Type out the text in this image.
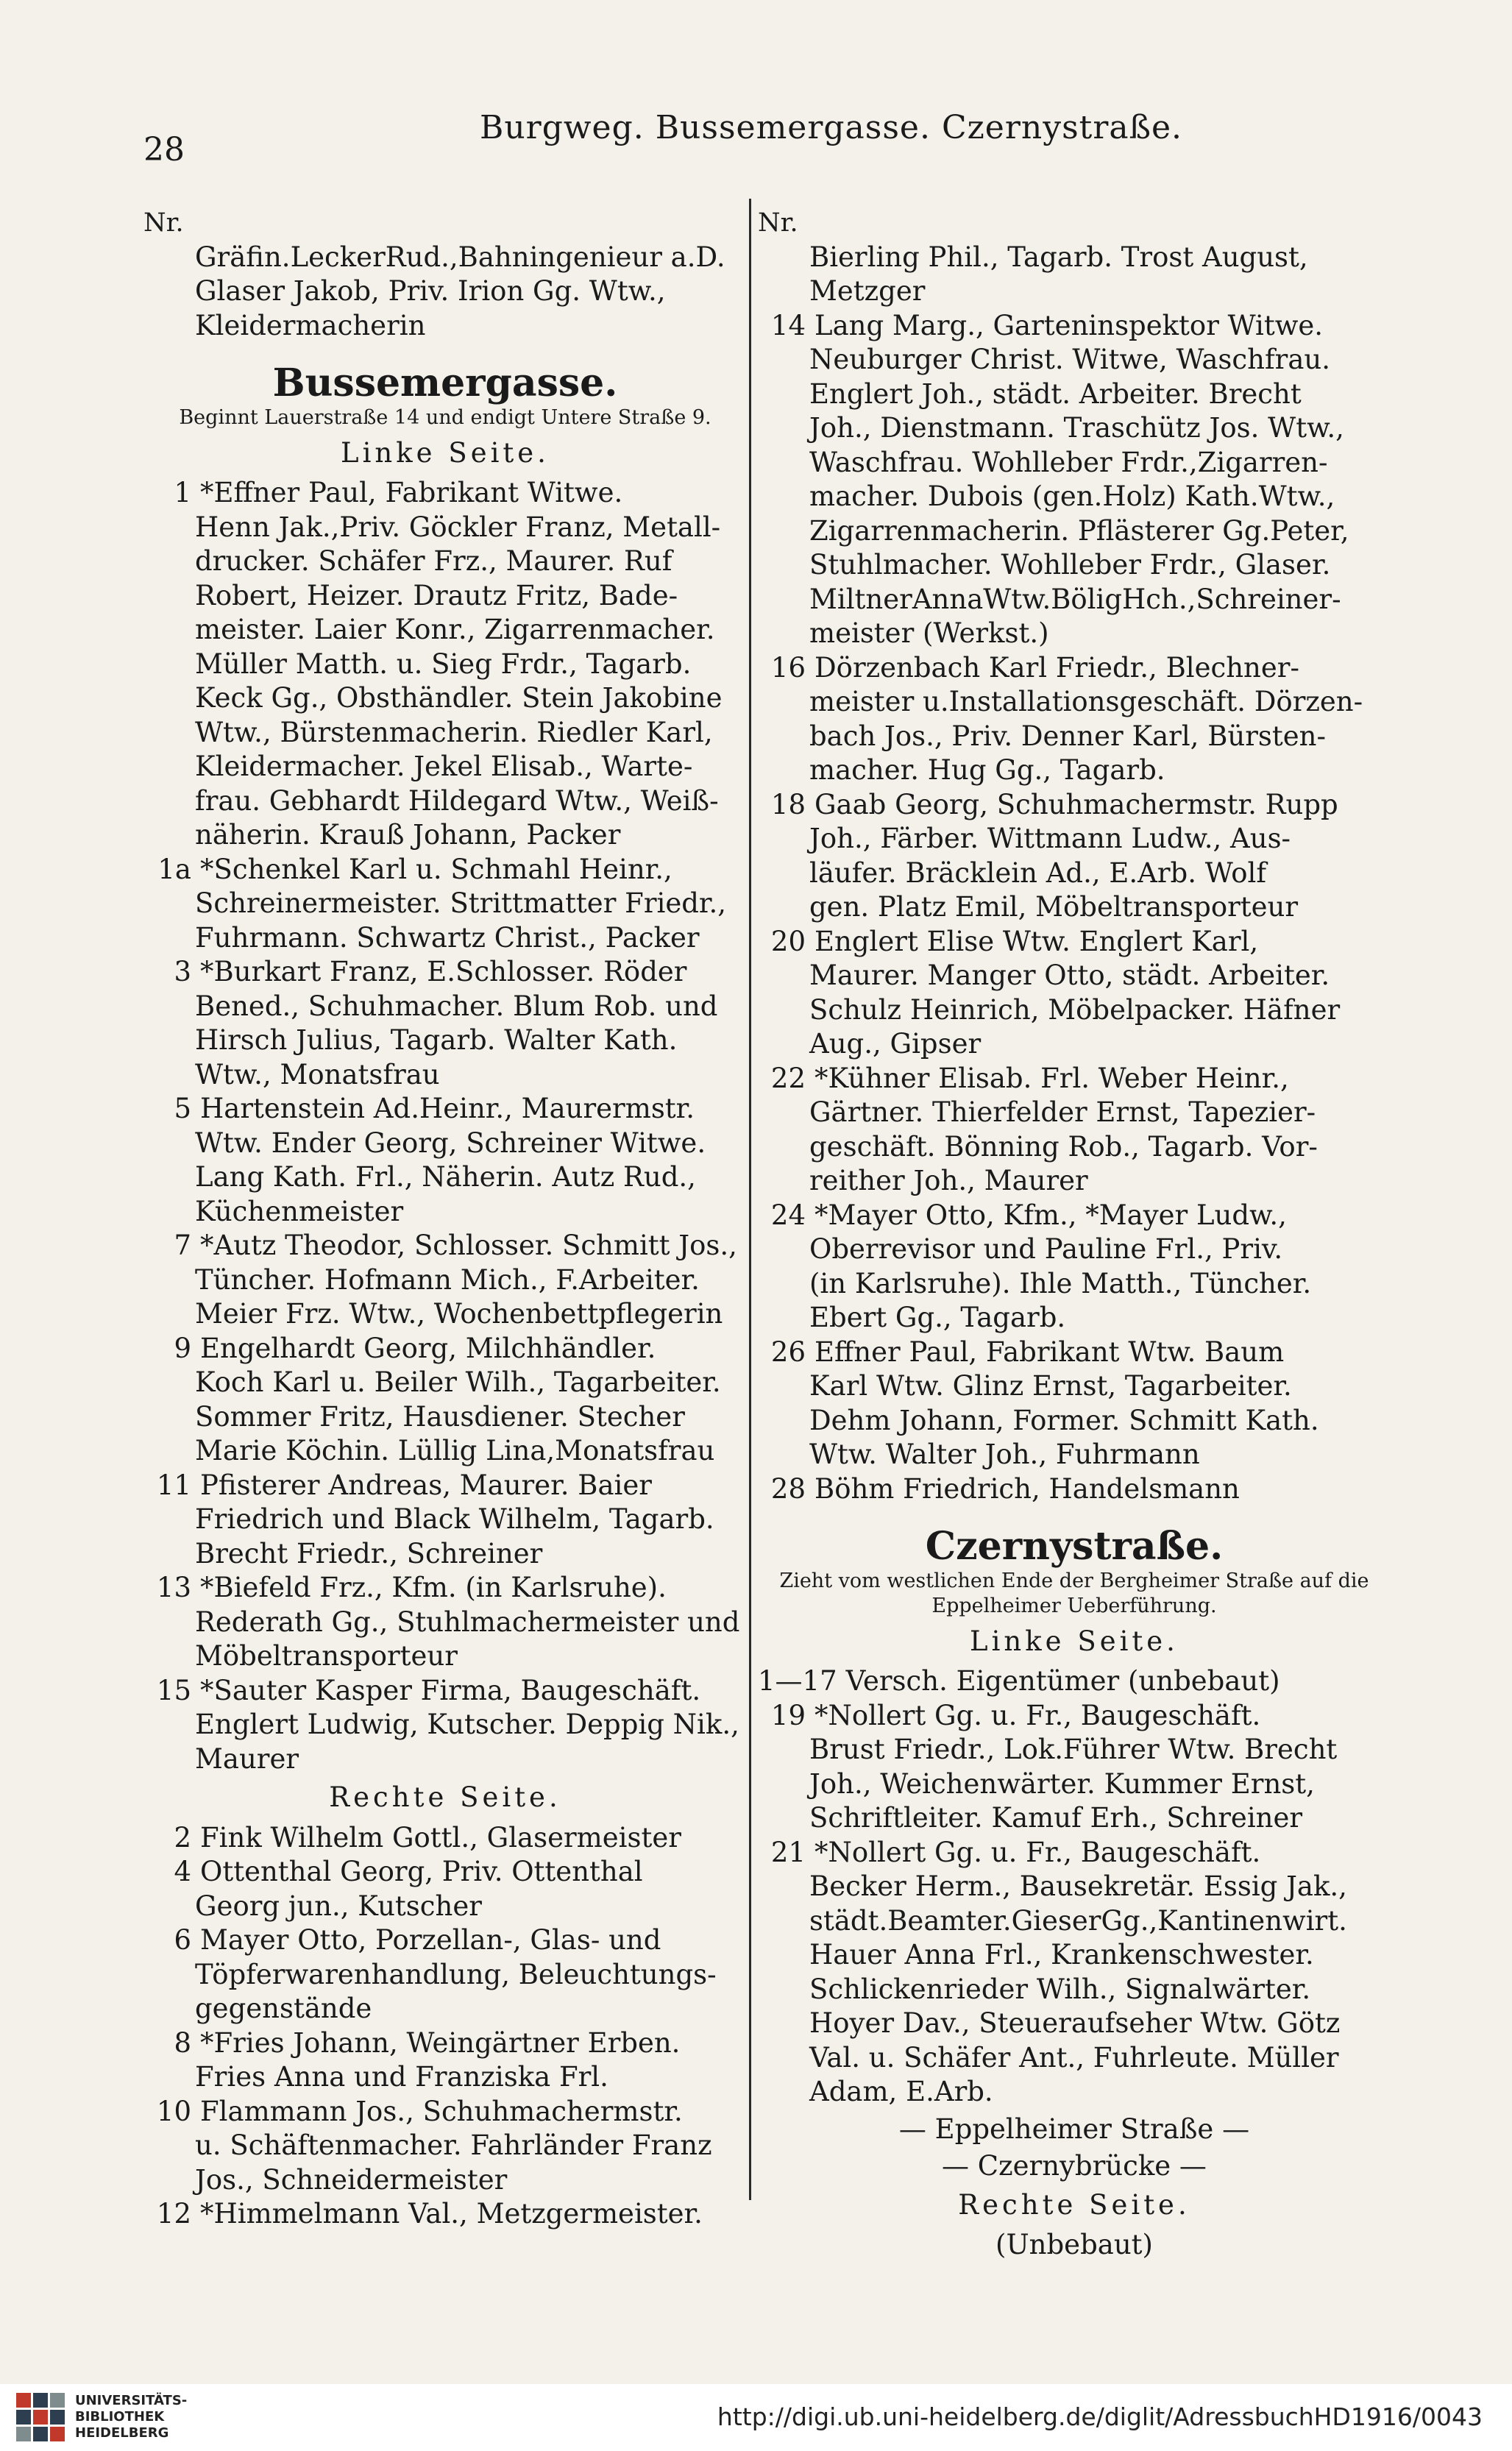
28
Burgweg. Bussemergasse. Czernystraße.
Nr.
Gräfin.LeckerRud.,Bahningenieur a.D.
Glaser Jakob, Priv. Irion Gg. Wtw.,
Kleidermacherin
Bussemergasse.
Beginnt Lauerstraße 14 und endigt Untere Straße 9.
Linke Seite.
1 *Effner Paul, Fabrikant Witwe.
Henn Jak.,Priv. Göckler Franz, Metall-
drucker. Schäfer Frz., Maurer. Ruf
Robert, Heizer. Drautz Fritz, Bade-
meister. Laier Konr., Zigarrenmacher.
Müller Matth. u. Sieg Frdr., Tagarb.
Keck Gg., Obsthändler. Stein Jakobine
Wtw., Bürstenmacherin. Riedler Karl,
Kleidermacher. Jekel Elisab., Warte-
frau. Gebhardt Hildegard Wtw., Weiß-
näherin. Krauß Johann, Packer
1a *Schenkel Karl u. Schmahl Heinr.,
Schreinermeister. Strittmatter Friedr.,
Fuhrmann. Schwartz Christ., Packer
3 *Burkart Franz, E.Schlosser. Röder
Bened., Schuhmacher. Blum Rob. und
Hirsch Julius, Tagarb. Walter Kath.
Wtw., Monatsfrau
5 Hartenstein Ad.Heinr., Maurermstr.
Wtw. Ender Georg, Schreiner Witwe.
Lang Kath. Frl., Näherin. Autz Rud.,
Küchenmeister
7 *Autz Theodor, Schlosser. Schmitt Jos.,
Tüncher. Hofmann Mich., F.Arbeiter.
Meier Frz. Wtw., Wochenbettpflegerin
9 Engelhardt Georg, Milchhändler.
Koch Karl u. Beiler Wilh., Tagarbeiter.
Sommer Fritz, Hausdiener. Stecher
Marie Köchin. Lüllig Lina,Monatsfrau
11 Pfisterer Andreas, Maurer. Baier
Friedrich und Black Wilhelm, Tagarb.
Brecht Friedr., Schreiner
13 *Biefeld Frz., Kfm. (in Karlsruhe).
Rederath Gg., Stuhlmachermeister und
Möbeltransporteur
15 *Sauter Kasper Firma, Baugeschäft.
Englert Ludwig, Kutscher. Deppig Nik.,
Maurer
Rechte Seite.
2 Fink Wilhelm Gottl., Glasermeister
4 Ottenthal Georg, Priv. Ottenthal
Georg jun., Kutscher
6 Mayer Otto, Porzellan-, Glas- und
Töpferwarenhandlung, Beleuchtungs-
gegenstände
8 *Fries Johann, Weingärtner Erben.
Fries Anna und Franziska Frl.
10 Flammann Jos., Schuhmachermstr.
u. Schäftenmacher. Fahrländer Franz
Jos., Schneidermeister
12 *Himmelmann Val., Metzgermeister.
Nr.
Bierling Phil., Tagarb. Trost August,
Metzger
14 Lang Marg., Garteninspektor Witwe.
Neuburger Christ. Witwe, Waschfrau.
Englert Joh., städt. Arbeiter. Brecht
Joh., Dienstmann. Traschütz Jos. Wtw.,
Waschfrau. Wohlleber Frdr.,Zigarren-
macher. Dubois (gen.Holz) Kath.Wtw.,
Zigarrenmacherin. Pflästerer Gg.Peter,
Stuhlmacher. Wohlleber Frdr., Glaser.
MiltnerAnnaWtw.BöligHch.,Schreiner-
meister (Werkst.)
16 Dörzenbach Karl Friedr., Blechner-
meister u.Installationsgeschäft. Dörzen-
bach Jos., Priv. Denner Karl, Bürsten-
macher. Hug Gg., Tagarb.
18 Gaab Georg, Schuhmachermstr. Rupp
Joh., Färber. Wittmann Ludw., Aus-
läufer. Bräcklein Ad., E.Arb. Wolf
gen. Platz Emil, Möbeltransporteur
20 Englert Elise Wtw. Englert Karl,
Maurer. Manger Otto, städt. Arbeiter.
Schulz Heinrich, Möbelpacker. Häfner
Aug., Gipser
22 *Kühner Elisab. Frl. Weber Heinr.,
Gärtner. Thierfelder Ernst, Tapezier-
geschäft. Bönning Rob., Tagarb. Vor-
reither Joh., Maurer
24 *Mayer Otto, Kfm., *Mayer Ludw.,
Oberrevisor und Pauline Frl., Priv.
(in Karlsruhe). Ihle Matth., Tüncher.
Ebert Gg., Tagarb.
26 Effner Paul, Fabrikant Wtw. Baum
Karl Wtw. Glinz Ernst, Tagarbeiter.
Dehm Johann, Former. Schmitt Kath.
Wtw. Walter Joh., Fuhrmann
28 Böhm Friedrich, Handelsmann
Czernystraße.
Zieht vom westlichen Ende der Bergheimer Straße auf die Eppelheimer Ueberführung.
Linke Seite.
1—17 Versch. Eigentümer (unbebaut)
19 *Nollert Gg. u. Fr., Baugeschäft.
Brust Friedr., Lok.Führer Wtw. Brecht
Joh., Weichenwärter. Kummer Ernst,
Schriftleiter. Kamuf Erh., Schreiner
21 *Nollert Gg. u. Fr., Baugeschäft.
Becker Herm., Bausekretär. Essig Jak.,
städt.Beamter.GieserGg.,Kantinenwirt.
Hauer Anna Frl., Krankenschwester.
Schlickenrieder Wilh., Signalwärter.
Hoyer Dav., Steueraufseher Wtw. Götz
Val. u. Schäfer Ant., Fuhrleute. Müller
Adam, E.Arb.
— Eppelheimer Straße —
— Czernybrücke —
Rechte Seite.
(Unbebaut)
UNIVERSITÄTS-
BIBLIOTHEK
HEIDELBERG
http://digi.ub.uni-heidelberg.de/diglit/AdressbuchHD1916/0043
